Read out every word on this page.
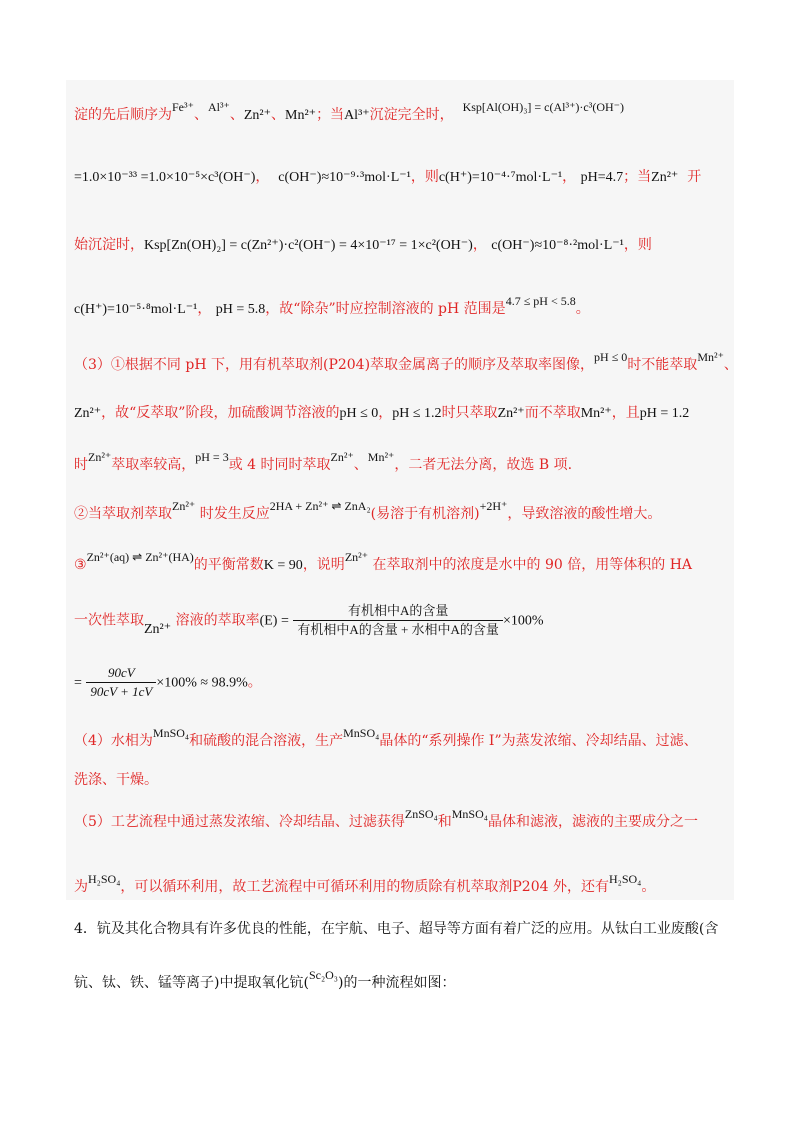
淀的先后顺序为Fe³⁺、Al³⁺、Zn²⁺、Mn²⁺；当Al³⁺沉淀完全时， Ksp[Al(OH)₃] = c(Al³⁺)·c³(OH⁻)
=1.0×10⁻³³ =1.0×10⁻⁵×c³(OH⁻)， c(OH⁻)≈10⁻⁹·³mol·L⁻¹，则c(H⁺)=10⁻⁴·⁷mol·L⁻¹， pH=4.7；当Zn²⁺ 开
始沉淀时，Ksp[Zn(OH)₂] = c(Zn²⁺)·c²(OH⁻) = 4×10⁻¹⁷ = 1×c²(OH⁻)， c(OH⁻)≈10⁻⁸·²mol·L⁻¹，则
c(H⁺)=10⁻⁵·⁸mol·L⁻¹， pH = 5.8，故“除杂”时应控制溶液的 pH 范围是4.7 ≤ pH < 5.8。
（3）①根据不同 pH 下，用有机萃取剂(P204)萃取金属离子的顺序及萃取率图像，pH ≤ 0时不能萃取Mn²⁺、
Zn²⁺，故“反萃取”阶段，加硫酸调节溶液的pH ≤ 0，pH ≤ 1.2时只萃取Zn²⁺而不萃取Mn²⁺，且pH = 1.2
时Zn²⁺萃取率较高，pH = 3或 4 时同时萃取Zn²⁺、Mn²⁺，二者无法分离，故选 B 项.
②当萃取剂萃取Zn²⁺ 时发生反应2HA + Zn²⁺ ⇌ ZnA₂(易溶于有机溶剂)+2H⁺，导致溶液的酸性增大。
③Zn²⁺(aq) ⇌ Zn²⁺(HA)的平衡常数K = 90，说明Zn²⁺ 在萃取剂中的浓度是水中的 90 倍，用等体积的 HA
一次性萃取Zn²⁺ 溶液的萃取率$(E) = \frac{\text{有机相中A的含量}}{\text{有机相中A的含量 + 水相中A的含量}} \times 100\%$
= $\frac{90cV}{90cV + 1cV} \times 100\% \approx 98.9\%$。
（4）水相为MnSO₄和硫酸的混合溶液，生产MnSO₄晶体的“系列操作 I”为蒸发浓缩、冷却结晶、过滤、
洗涤、干燥。
（5）工艺流程中通过蒸发浓缩、冷却结晶、过滤获得ZnSO₄和MnSO₄晶体和滤液，滤液的主要成分之一
为H₂SO₄，可以循环利用，故工艺流程中可循环利用的物质除有机萃取剂P204 外，还有H₂SO₄。
4．钪及其化合物具有许多优良的性能，在宇航、电子、超导等方面有着广泛的应用。从钛白工业废酸(含
钪、钛、铁、锰等离子)中提取氧化钪(Sc₂O₃)的一种流程如图：
